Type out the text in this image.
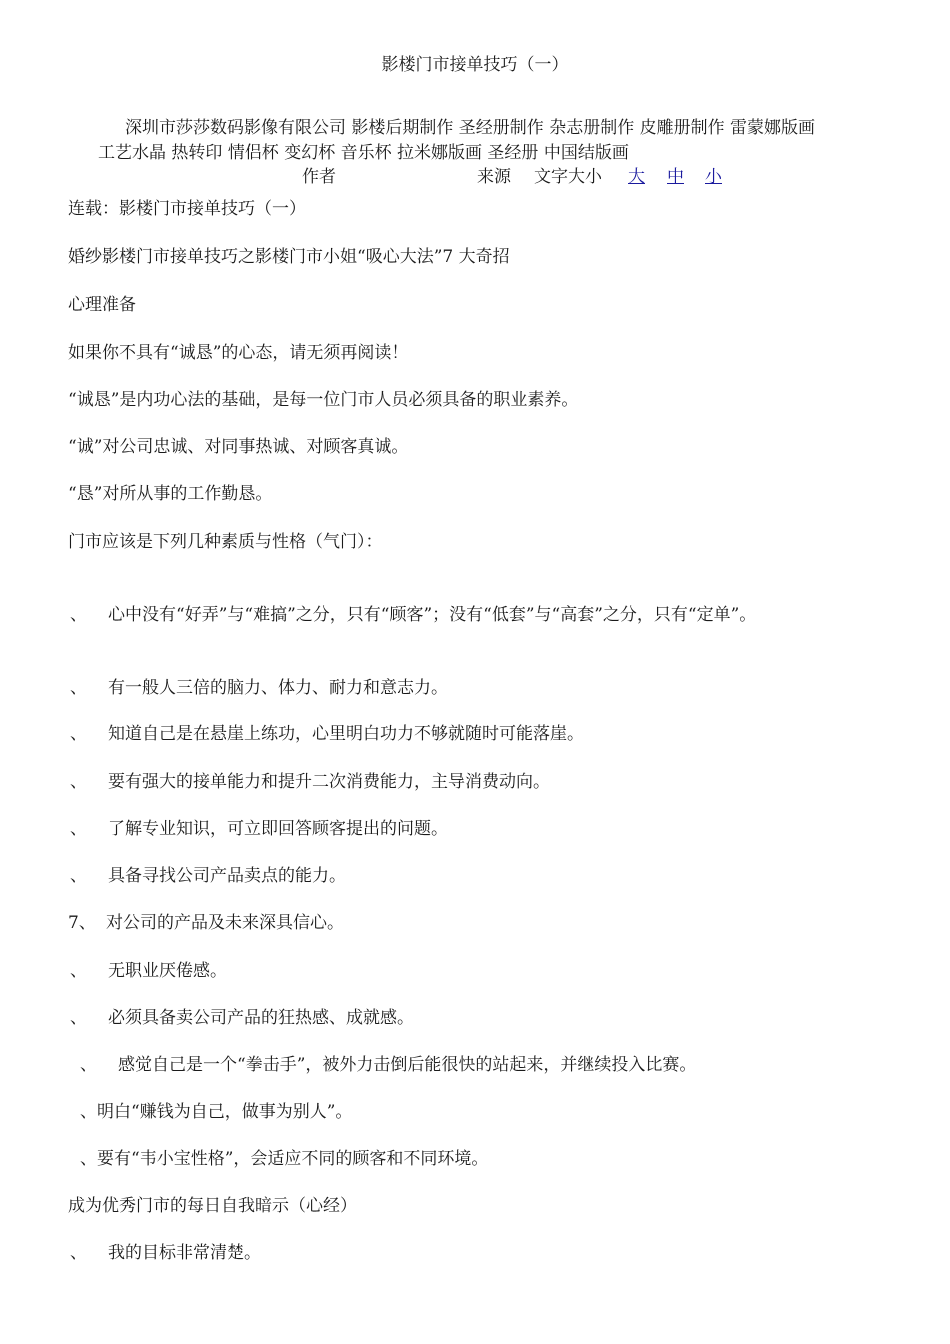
影楼门市接单技巧（一）
深圳市莎莎数码影像有限公司 影楼后期制作 圣经册制作 杂志册制作 皮雕册制作 雷蒙娜版画
工艺水晶 热转印 情侣杯 变幻杯 音乐杯 拉米娜版画 圣经册 中国结版画
作者	来源 文字大小 大 中 小
连载：影楼门市接单技巧（一）
婚纱影楼门市接单技巧之影楼门市小姐“吸心大法”7 大奇招
心理准备
如果你不具有“诚恳”的心态，请无须再阅读！
“诚恳”是内功心法的基础，是每一位门市人员必须具备的职业素养。
“诚”对公司忠诚、对同事热诚、对顾客真诚。
“恳”对所从事的工作勤恳。
门市应该是下列几种素质与性格（气门）：
、 心中没有“好弄”与“难搞”之分，只有“顾客”；没有“低套”与“高套”之分，只有“定单”。
、 有一般人三倍的脑力、体力、耐力和意志力。
、 知道自己是在悬崖上练功，心里明白功力不够就随时可能落崖。
、 要有强大的接单能力和提升二次消费能力，主导消费动向。
、 了解专业知识，可立即回答顾客提出的问题。
、 具备寻找公司产品卖点的能力。
7、 对公司的产品及未来深具信心。
、 无职业厌倦感。
、 必须具备卖公司产品的狂热感、成就感。
、 感觉自己是一个“拳击手”，被外力击倒后能很快的站起来，并继续投入比赛。
、明白“赚钱为自己，做事为别人”。
、要有“韦小宝性格”，会适应不同的顾客和不同环境。
成为优秀门市的每日自我暗示（心经）
、 我的目标非常清楚。
